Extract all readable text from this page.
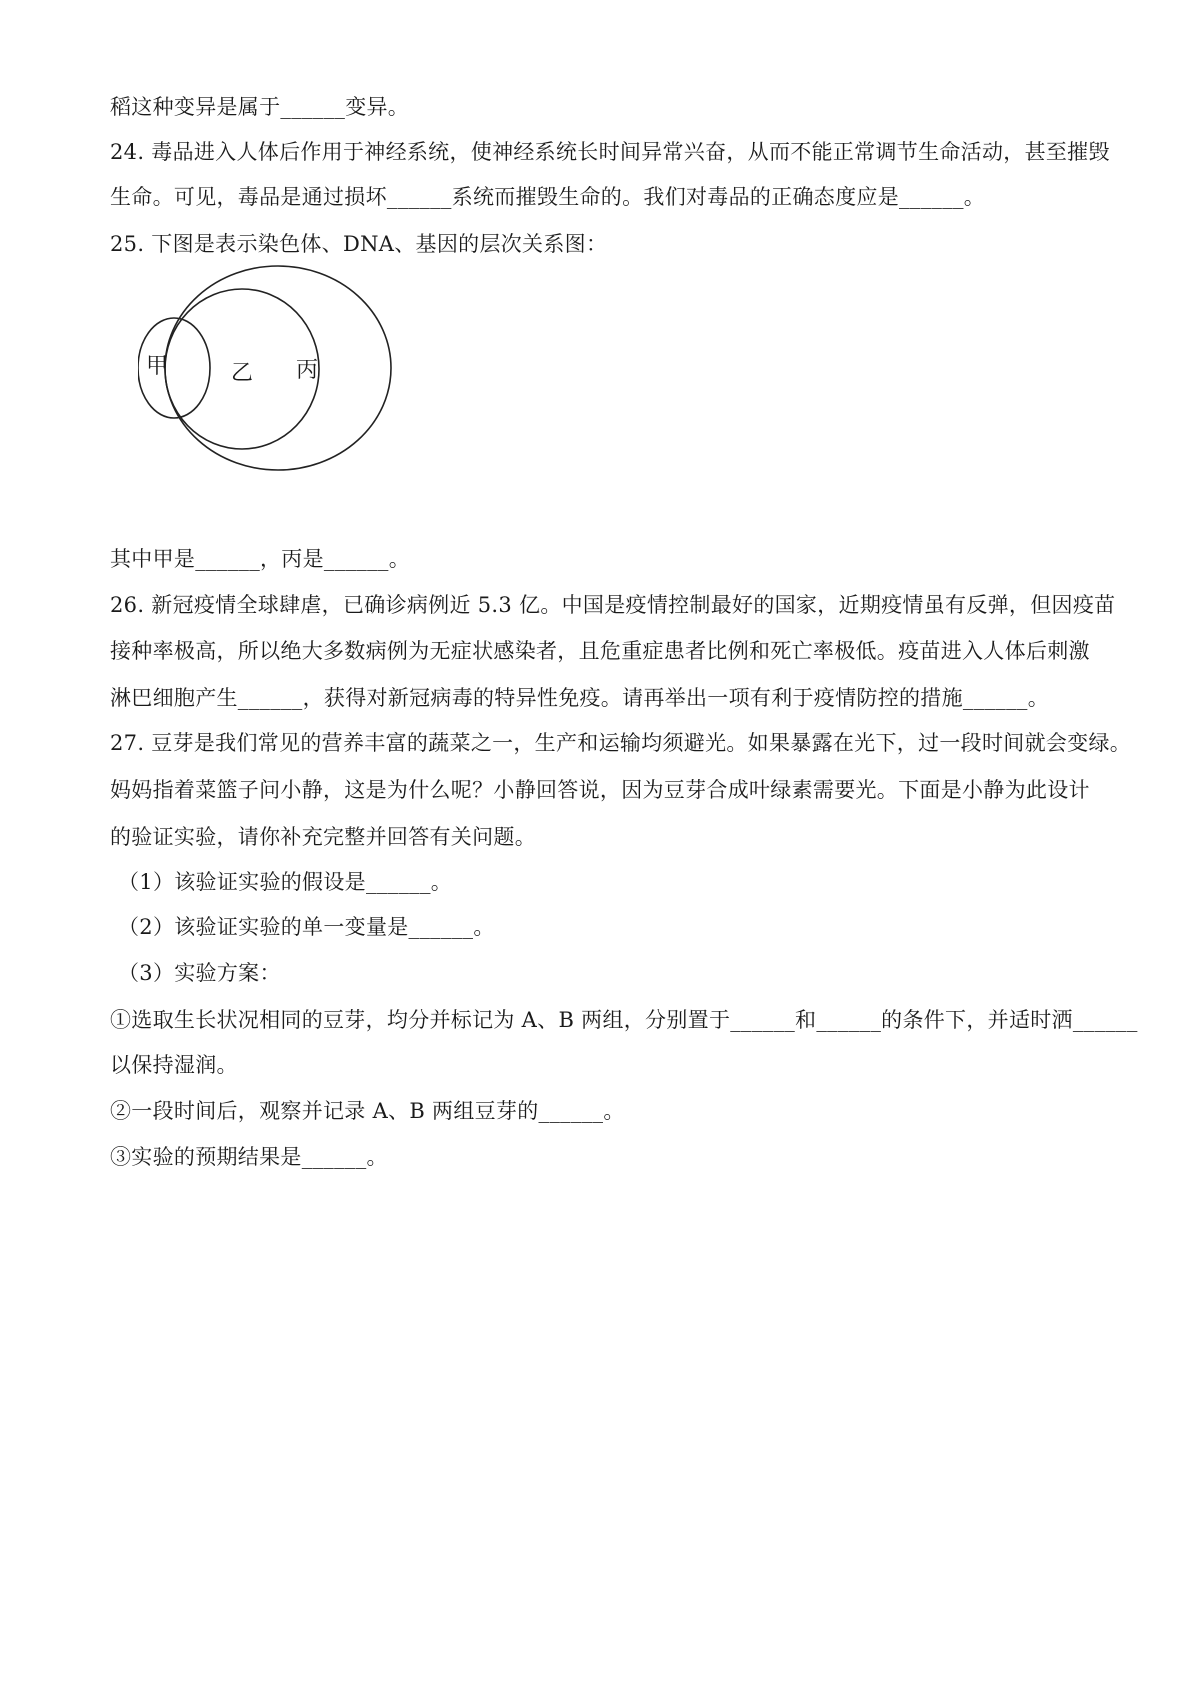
稻这种变异是属于______变异。
24. 毒品进入人体后作用于神经系统，使神经系统长时间异常兴奋，从而不能正常调节生命活动，甚至摧毁
生命。可见，毒品是通过损坏______系统而摧毁生命的。我们对毒品的正确态度应是______。
25. 下图是表示染色体、DNA、基因的层次关系图：
甲	乙 丙
其中甲是______，丙是______。
26. 新冠疫情全球肆虐，已确诊病例近 5.3 亿。中国是疫情控制最好的国家，近期疫情虽有反弹，但因疫苗
接种率极高，所以绝大多数病例为无症状感染者，且危重症患者比例和死亡率极低。疫苗进入人体后刺激
淋巴细胞产生______，获得对新冠病毒的特异性免疫。请再举出一项有利于疫情防控的措施______。
27. 豆芽是我们常见的营养丰富的蔬菜之一，生产和运输均须避光。如果暴露在光下，过一段时间就会变绿。
妈妈指着菜篮子问小静，这是为什么呢？小静回答说，因为豆芽合成叶绿素需要光。下面是小静为此设计
的验证实验，请你补充完整并回答有关问题。
（1）该验证实验的假设是______。
（2）该验证实验的单一变量是______。
（3）实验方案：
①选取生长状况相同的豆芽，均分并标记为 A、B 两组，分别置于______和______的条件下，并适时洒______
以保持湿润。
②一段时间后，观察并记录 A、B 两组豆芽的______。
③实验的预期结果是______。
